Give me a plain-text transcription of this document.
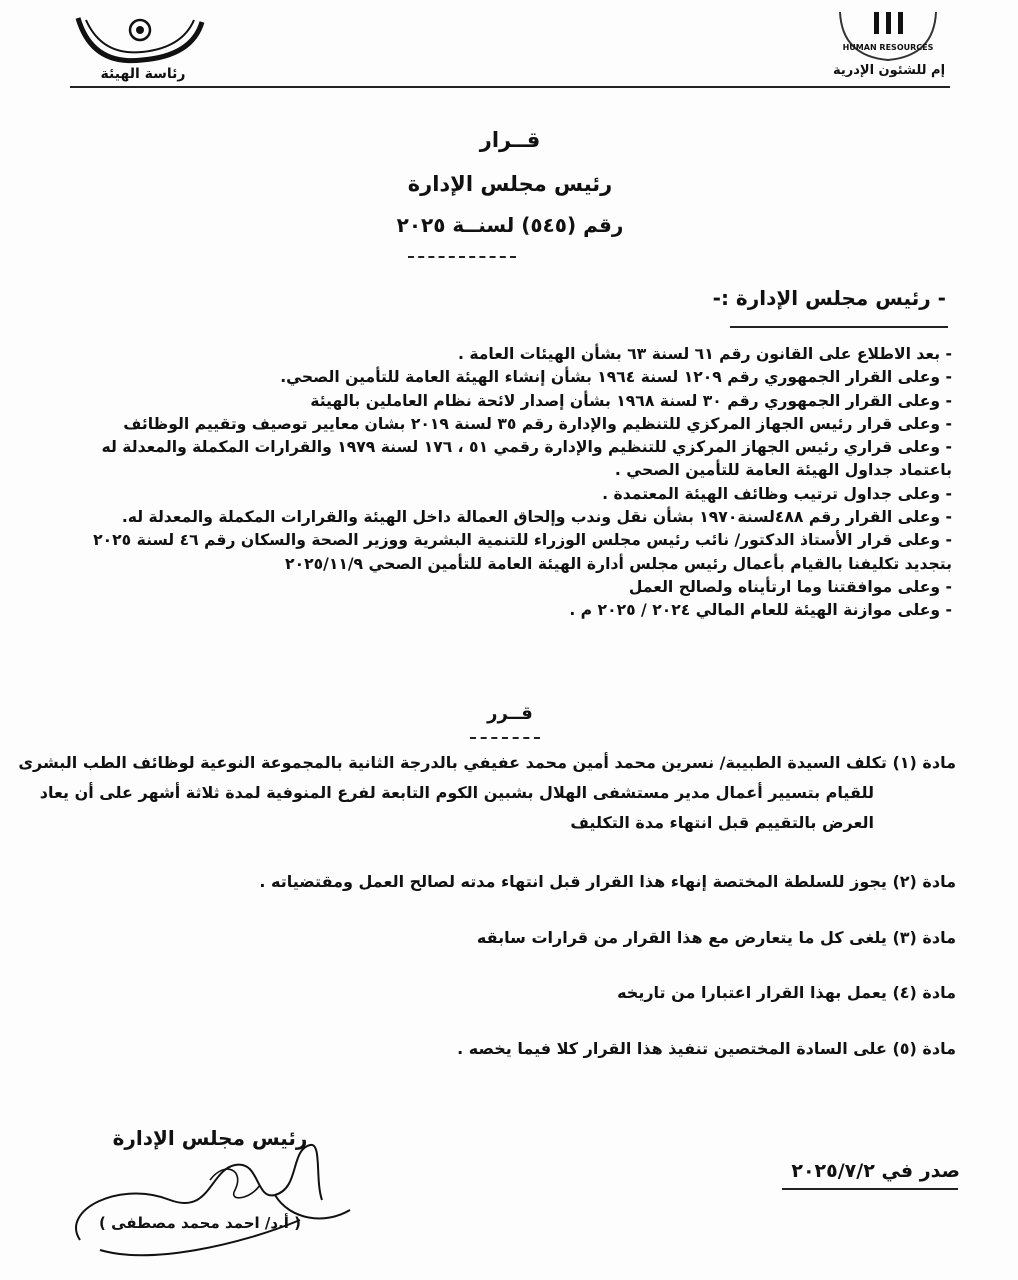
رئاسة الهيئة
HUMAN RESOURCES
إم للشئون الإدرية
قــرار
رئيس مجلس الإدارة
رقم (٥٤٥) لسنــة ٢٠٢٥
- رئيس مجلس الإدارة :-
- بعد الاطلاع على القانون رقم ٦١ لسنة ٦٣ بشأن الهيئات العامة .
- وعلى القرار الجمهوري رقم ١٢٠٩ لسنة ١٩٦٤ بشأن إنشاء الهيئة العامة للتأمين الصحي.
- وعلى القرار الجمهوري رقم ٣٠ لسنة ١٩٦٨ بشأن إصدار لائحة نظام العاملين بالهيئة
- وعلى قرار رئيس الجهاز المركزي للتنظيم والإدارة رقم ٣٥ لسنة ٢٠١٩ بشان معايير توصيف وتقييم الوظائف
- وعلى قراري رئيس الجهاز المركزي للتنظيم والإدارة رقمي ٥١ ، ١٧٦ لسنة ١٩٧٩ والقرارات المكملة والمعدلة له
باعتماد جداول الهيئة العامة للتأمين الصحي .
- وعلى جداول ترتيب وظائف الهيئة المعتمدة .
- وعلى القرار رقم ٤٨٨لسنة١٩٧٠ بشأن نقل وندب وإلحاق العمالة داخل الهيئة والقرارات المكملة والمعدلة له.
- وعلى قرار الأستاذ الدكتور/ نائب رئيس مجلس الوزراء للتنمية البشرية ووزير الصحة والسكان رقم ٤٦ لسنة ٢٠٢٥
بتجديد تكليفنا بالقيام بأعمال رئيس مجلس أدارة الهيئة العامة للتأمين الصحي ٢٠٢٥/١١/٩
- وعلى موافقتنا وما ارتأيناه ولصالح العمل
- وعلى موازنة الهيئة للعام المالي ٢٠٢٤ / ٢٠٢٥ م .
قــرر
مادة (١) تكلف السيدة الطبيبة/ نسرين محمد أمين محمد عفيفي بالدرجة الثانية بالمجموعة النوعية لوظائف الطب البشرى
للقيام بتسيير أعمال مدير مستشفى الهلال بشبين الكوم التابعة لفرع المنوفية لمدة ثلاثة أشهر على أن يعاد
العرض بالتقييم قبل انتهاء مدة التكليف
مادة (٢) يجوز للسلطة المختصة إنهاء هذا القرار قبل انتهاء مدته لصالح العمل ومقتضياته .
مادة (٣) يلغى كل ما يتعارض مع هذا القرار من قرارات سابقه
مادة (٤) يعمل بهذا القرار اعتبارا من تاريخه
مادة (٥) على السادة المختصين تنفيذ هذا القرار كلا فيما يخصه .
رئيس مجلس الإدارة
( أ.د/ احمد محمد مصطفى )
صدر في ٢٠٢٥/٧/٢
